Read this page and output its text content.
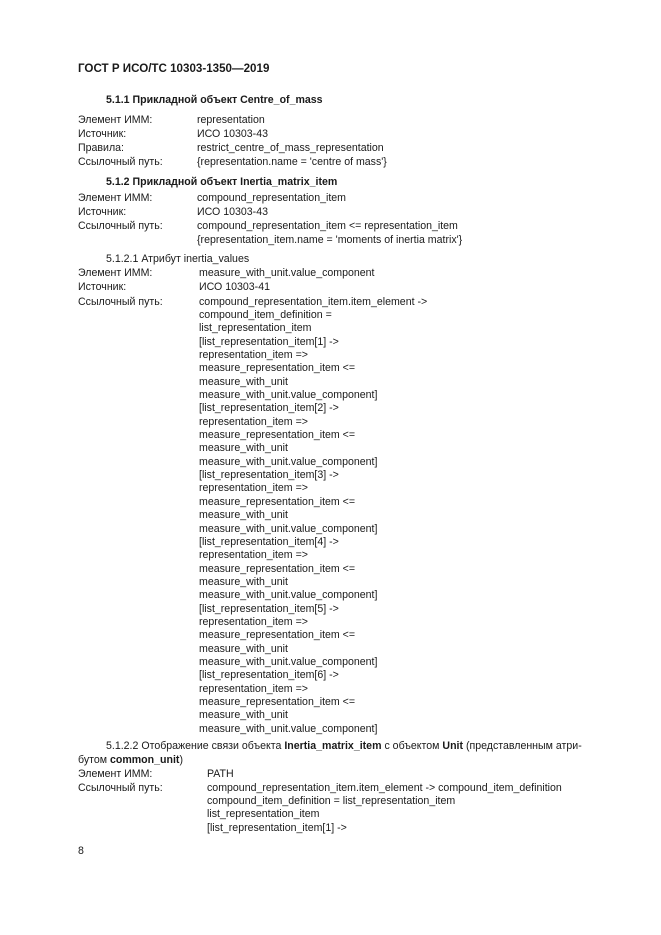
ГОСТ Р ИСО/ТС 10303-1350—2019
5.1.1 Прикладной объект Centre_of_mass
Элемент ИММ:	representation
Источник:	ИСО 10303-43
Правила:	restrict_centre_of_mass_representation
Ссылочный путь:	{representation.name = 'centre of mass'}
5.1.2 Прикладной объект Inertia_matrix_item
Элемент ИММ:	compound_representation_item
Источник:	ИСО 10303-43
Ссылочный путь:	compound_representation_item <= representation_item
{representation_item.name = 'moments of inertia matrix'}
5.1.2.1 Атрибут inertia_values
Элемент ИММ:	measure_with_unit.value_component
Источник:	ИСО 10303-41
Ссылочный путь:	compound_representation_item.item_element ->
compound_item_definition =
list_representation_item
[list_representation_item[1] ->
representation_item =>
measure_representation_item <=
measure_with_unit
measure_with_unit.value_component]
[list_representation_item[2] ->
representation_item =>
measure_representation_item <=
measure_with_unit
measure_with_unit.value_component]
[list_representation_item[3] ->
representation_item =>
measure_representation_item <=
measure_with_unit
measure_with_unit.value_component]
[list_representation_item[4] ->
representation_item =>
measure_representation_item <=
measure_with_unit
measure_with_unit.value_component]
[list_representation_item[5] ->
representation_item =>
measure_representation_item <=
measure_with_unit
measure_with_unit.value_component]
[list_representation_item[6] ->
representation_item =>
measure_representation_item <=
measure_with_unit
measure_with_unit.value_component]
5.1.2.2 Отображение связи объекта Inertia_matrix_item с объектом Unit (представленным атри-
бутом common_unit)
Элемент ИММ:	PATH
Ссылочный путь:	compound_representation_item.item_element -> compound_item_definition
compound_item_definition = list_representation_item
list_representation_item
[list_representation_item[1] ->
8
